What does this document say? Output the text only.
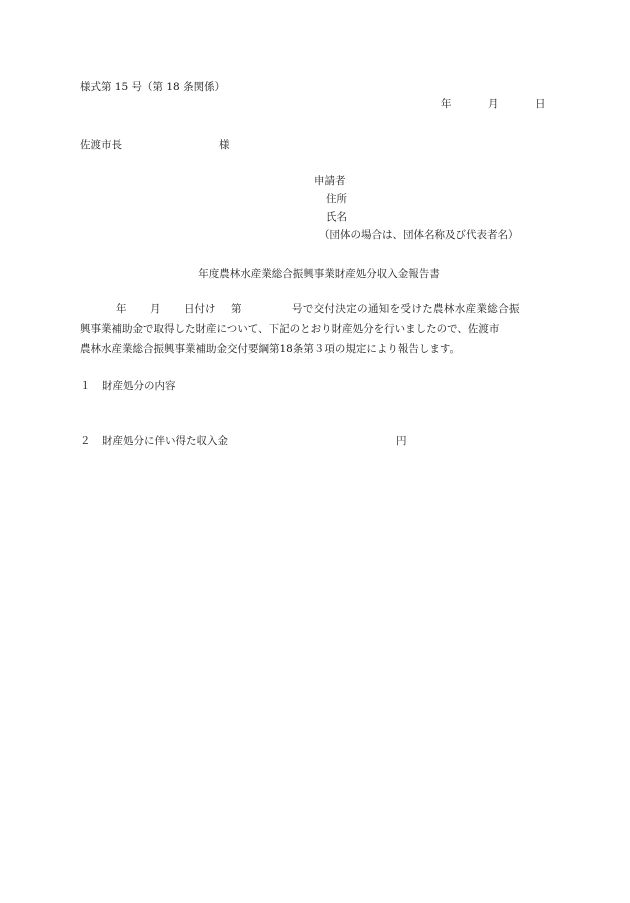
様式第 15 号（第 18 条関係）
年	月	日
佐渡市長	様
申請者
住所
氏名
（団体の場合は、団体名称及び代表者名）
年度農林水産業総合振興事業財産処分収入金報告書
年 月 日付け 第	号で交付決定の通知を受けた農林水産業総合振
興事業補助金で取得した財産について、下記のとおり財産処分を行いましたので、佐渡市
農林水産業総合振興事業補助金交付要綱第18条第３項の規定により報告します。
１ 財産処分の内容
２ 財産処分に伴い得た収入金	円
